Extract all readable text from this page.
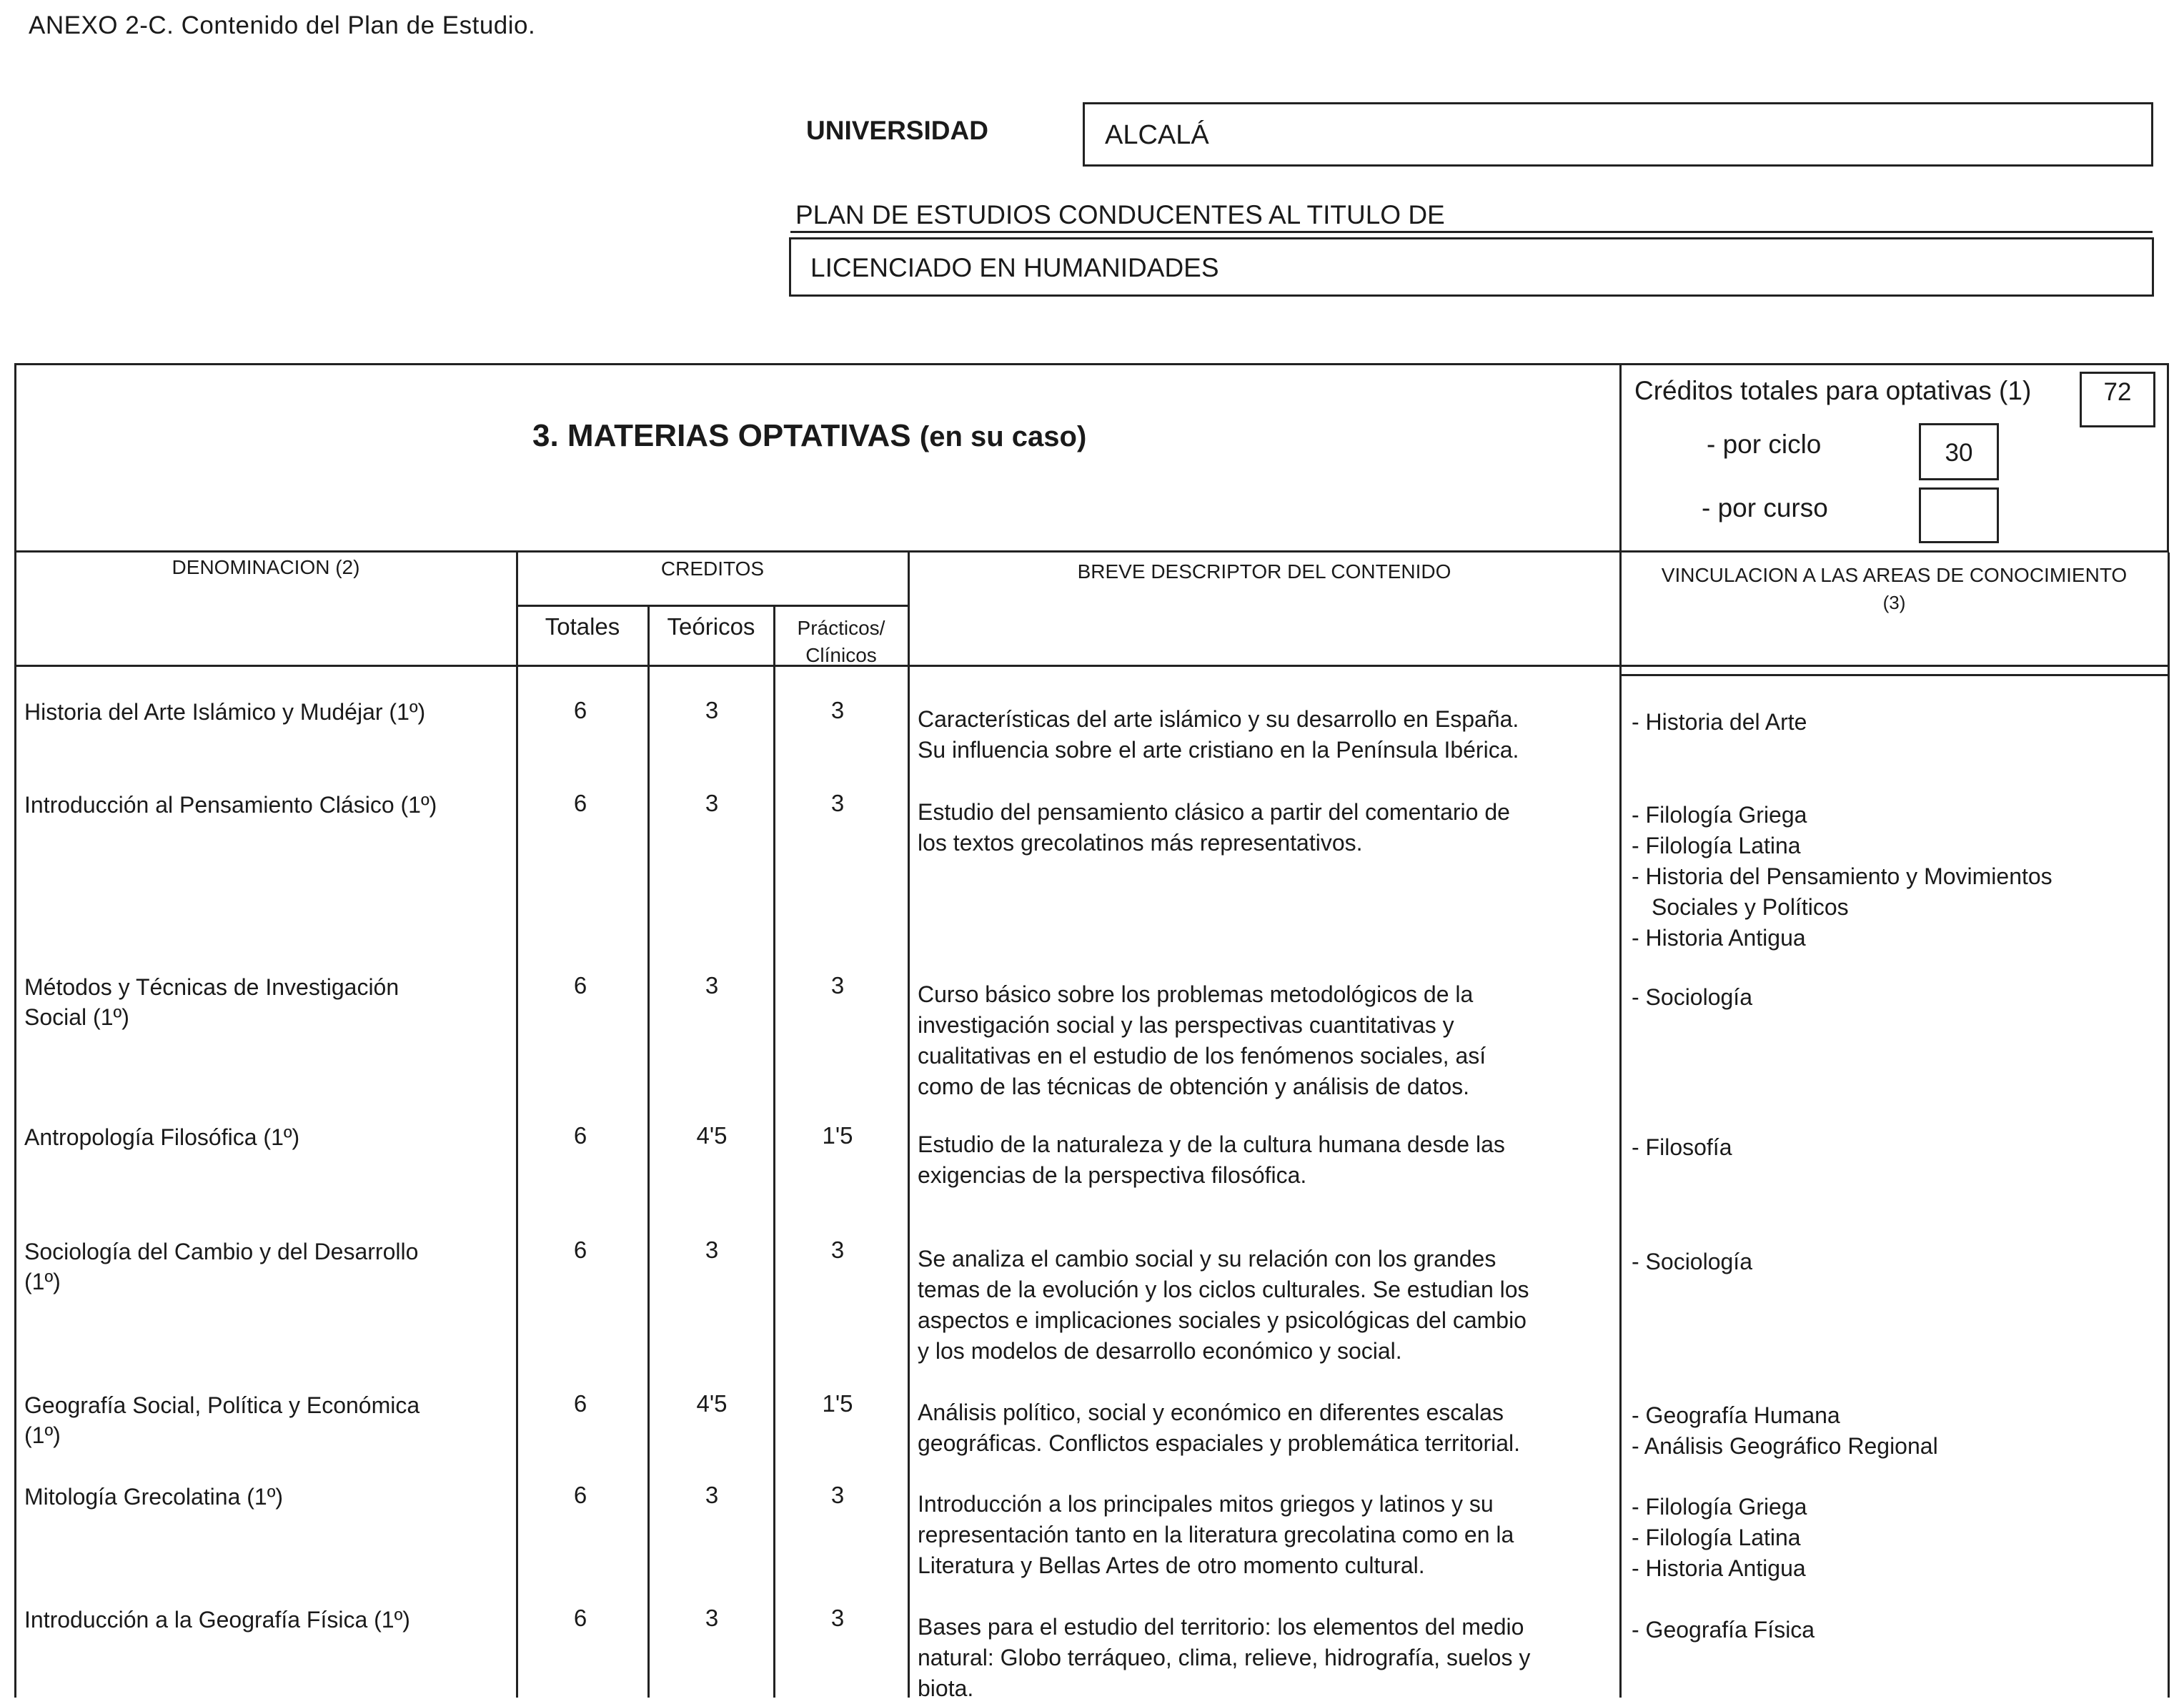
ANEXO 2-C. Contenido del Plan de Estudio.
UNIVERSIDAD	ALCALÁ
PLAN DE ESTUDIOS CONDUCENTES AL TITULO DE
LICENCIADO EN HUMANIDADES
3. MATERIAS OPTATIVAS (en su caso)
Créditos totales para optativas (1)	72
- por ciclo	30
- por curso
DENOMINACION (2)	CREDITOS
Totales	Teóricos	Prácticos/
Clínicos
BREVE DESCRIPTOR DEL CONTENIDO	VINCULACION A LAS AREAS DE CONOCIMIENTO
(3)
Historia del Arte Islámico y Mudéjar (1º)	6	3	3	Características del arte islámico y su desarrollo en España.
Su influencia sobre el arte cristiano en la Península Ibérica.
- Historia del Arte
Introducción al Pensamiento Clásico (1º)	6	3	3	Estudio del pensamiento clásico a partir del comentario de
los textos grecolatinos más representativos.
- Filología Griega
- Filología Latina
- Historia del Pensamiento y Movimientos
Sociales y Políticos
- Historia Antigua
Métodos y Técnicas de Investigación
Social (1º)
6	3	3	Curso básico sobre los problemas metodológicos de la
investigación social y las perspectivas cuantitativas y
cualitativas en el estudio de los fenómenos sociales, así
como de las técnicas de obtención y análisis de datos.
- Sociología
Antropología Filosófica (1º)	6	4'5	1'5	Estudio de la naturaleza y de la cultura humana desde las
exigencias de la perspectiva filosófica.
- Filosofía
Sociología del Cambio y del Desarrollo
(1º)
6	3	3	Se analiza el cambio social y su relación con los grandes
temas de la evolución y los ciclos culturales. Se estudian los
aspectos e implicaciones sociales y psicológicas del cambio
y los modelos de desarrollo económico y social.
- Sociología
Geografía Social, Política y Económica
(1º)
6	4'5	1'5	Análisis político, social y económico en diferentes escalas
geográficas. Conflictos espaciales y problemática territorial.
- Geografía Humana
- Análisis Geográfico Regional
Mitología Grecolatina (1º)	6	3	3	Introducción a los principales mitos griegos y latinos y su
representación tanto en la literatura grecolatina como en la
Literatura y Bellas Artes de otro momento cultural.
- Filología Griega
- Filología Latina
- Historia Antigua
Introducción a la Geografía Física (1º)	6	3	3	Bases para el estudio del territorio: los elementos del medio
natural: Globo terráqueo, clima, relieve, hidrografía, suelos y
biota.
- Geografía Física
